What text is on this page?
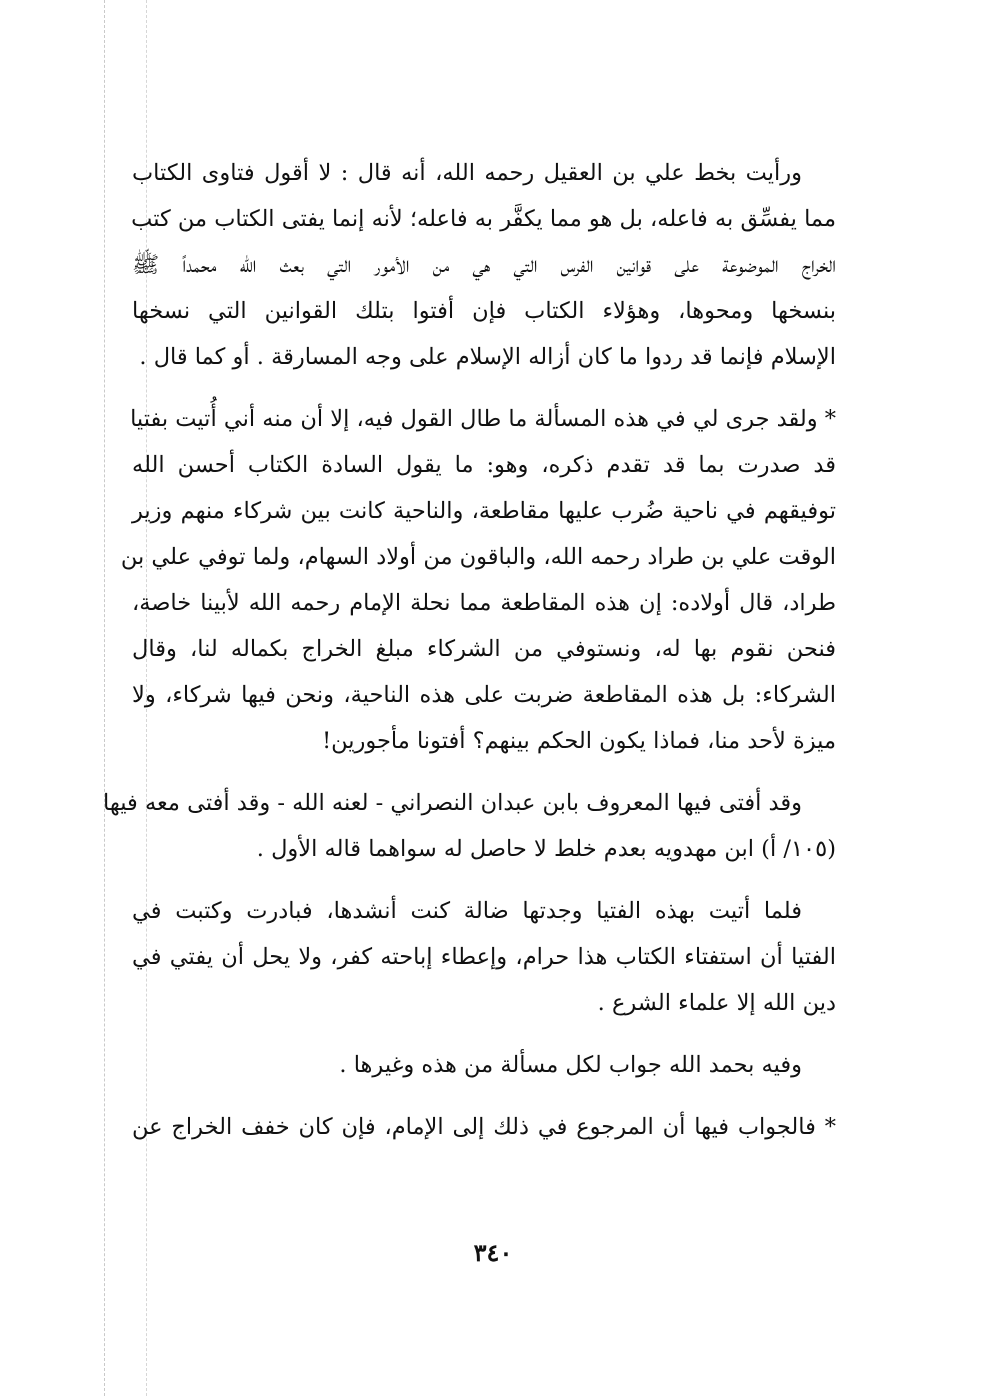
ورأيت بخط علي بن العقيل رحمه الله، أنه قال : لا أقول فتاوى الكتاب
مما يفسِّق به فاعله، بل هو مما يكفَّر به فاعله؛ لأنه إنما يفتى الكتاب من كتب
الخراج الموضوعة على قوانين الفرس التي هي من الأمور التي بعث الله محمداً ﷺ
بنسخها ومحوها، وهؤلاء الكتاب فإن أفتوا بتلك القوانين التي نسخها
الإسلام فإنما قد ردوا ما كان أزاله الإسلام على وجه المسارقة . أو كما قال .
* ولقد جرى لي في هذه المسألة ما طال القول فيه، إلا أن منه أني أُتيت بفتيا
قد صدرت بما قد تقدم ذكره، وهو: ما يقول السادة الكتاب أحسن الله
توفيقهم في ناحية ضُرب عليها مقاطعة، والناحية كانت بين شركاء منهم وزير
الوقت علي بن طراد رحمه الله، والباقون من أولاد السهام، ولما توفي علي بن
طراد، قال أولاده: إن هذه المقاطعة مما نحلة الإمام رحمه الله لأبينا خاصة،
فنحن نقوم بها له، ونستوفي من الشركاء مبلغ الخراج بكماله لنا، وقال
الشركاء: بل هذه المقاطعة ضربت على هذه الناحية، ونحن فيها شركاء، ولا
ميزة لأحد منا، فماذا يكون الحكم بينهم؟ أفتونا مأجورين!
وقد أفتى فيها المعروف بابن عبدان النصراني - لعنه الله - وقد أفتى معه فيها
(١٠٥/ أ) ابن مهدويه بعدم خلط لا حاصل له سواهما قاله الأول .
فلما أتيت بهذه الفتيا وجدتها ضالة كنت أنشدها، فبادرت وكتبت في
الفتيا أن استفتاء الكتاب هذا حرام، وإعطاء إباحته كفر، ولا يحل أن يفتي في
دين الله إلا علماء الشرع .
وفيه بحمد الله جواب لكل مسألة من هذه وغيرها .
* فالجواب فيها أن المرجوع في ذلك إلى الإمام، فإن كان خفف الخراج عن
٣٤٠
